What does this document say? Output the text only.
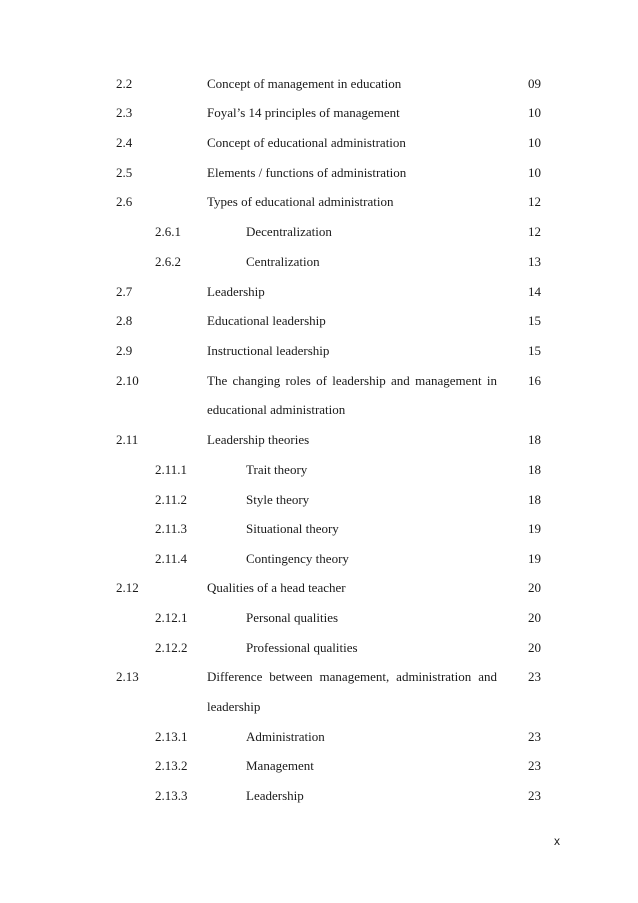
2.2	Concept of management in education	09
2.3	Foyal’s 14 principles of management	10
2.4	Concept of educational administration	10
2.5	Elements / functions of administration	10
2.6	Types of educational administration	12
2.6.1	Decentralization	12
2.6.2	Centralization	13
2.7	Leadership	14
2.8	Educational leadership	15
2.9	Instructional leadership	15
2.10	The changing roles of leadership and management in	16
educational administration
2.11	Leadership theories	18
2.11.1	Trait theory	18
2.11.2	Style theory	18
2.11.3	Situational theory	19
2.11.4	Contingency theory	19
2.12	Qualities of a head teacher	20
2.12.1	Personal qualities	20
2.12.2	Professional qualities	20
2.13	Difference between management, administration and	23
leadership
2.13.1	Administration	23
2.13.2	Management	23
2.13.3	Leadership	23
x
